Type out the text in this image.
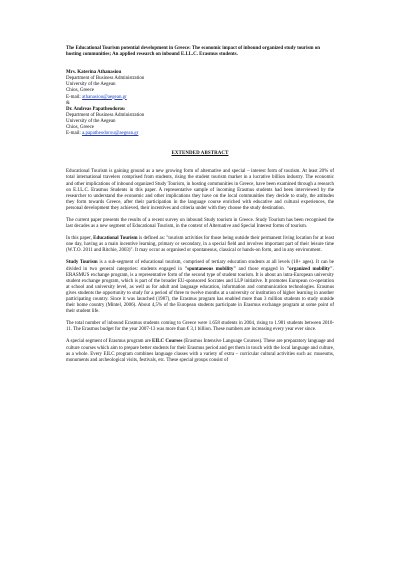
The Educational Tourism potential development in Greece: The economic impact of inbound organized study tourism on hosting communities; An applied research on inbound E.I.L.C. Erasmus students.

Mrs. Katerina Athanasiou

Department of Business Administration

University of the Aegean

Chios, Greece

E-mail: athanasiou@aegean.gr

&

Dr. Andreas Papatheodorou

Department of Business Administration

University of the Aegean

Chios, Greece

E-mail: a.papatheodorou@aegean.gr

EXTENDED ABSTRACT

Educational Tourism is gaining ground as a new growing form of alternative and special – interest form of tourism. At least 20% of total international travelers comprised from students, rising the student tourism market in a lucrative billion industry. The economic and other implications of inbound organized Study Tourism, in hosting communities in Greece, have been examined through a research on E.I.L.C. Erasmus Students in this paper. A representative sample of incoming Erasmus students had been interviewed by the researcher to understand the economic and other implications they have on the local communities they decide to study, the attitudes they form towards Greece, after their participation in the language course enriched with educative and cultural experiences, the personal development they achieved, their incentives and criteria under with they choose the study destination.

The current paper presents the results of a recent survey on inbound Study tourism in Greece. Study Tourism has been recognised the last decades as a new segment of Educational Tourism, in the context of Alternative and Special Interest forms of tourism.

In this paper, Educational Tourism is defined as: "tourism activities for those being outside their permanent living location for at least one day, having as a main incentive learning, primary or secondary, in a special field and involves important part of their leisure time (W.T.O. 2011 and Ritchie, 2003)". It may occur as organised or spontaneous, classical or hands-on form, and in any environment.

Study Tourism is a sub-segment of educational tourism, comprised of tertiary education students at all levels (18+ ages). It can be divided in two general categories: students engaged in "spontaneous mobility" and those engaged in "organized mobility". ERASMUS exchange program, is a representative form of the second type of student tourism. It is about an intra-European university student exchange program, which is part of the broader EU-sponsored Socrates and LLP initiative. It promotes European co-operation at school and university level, as well as for adult and language education, information and communication technologies. Erasmus gives students the opportunity to study for a period of three to twelve months at a university or institution of higher learning in another participating country. Since it was launched (1987), the Erasmus program has enabled more than 3 million students to study outside their home country (Mintel, 2006). About 4,5% of the European students participate in Erasmus exchange program at some point of their student life.

The total number of inbound Erasmus students coming to Greece were 1.658 students in 2004, rising to 1.981 students between 2010-11. The Erasmus budget for the year 2007-13 was more than € 3,1 billion. These numbers are increasing every year ever since.

A special segment of Erasmus program are EILC Courses (Erasmus Intensive Language Courses). These are preparatory language and culture courses which aim to prepare better students for their Erasmus period and get them in touch with the local language and culture, as a whole. Every EILC program combines language classes with a variety of extra – curricular cultural activities such as: museums, monuments and archeological visits, festivals, etc. These special groups consist of
